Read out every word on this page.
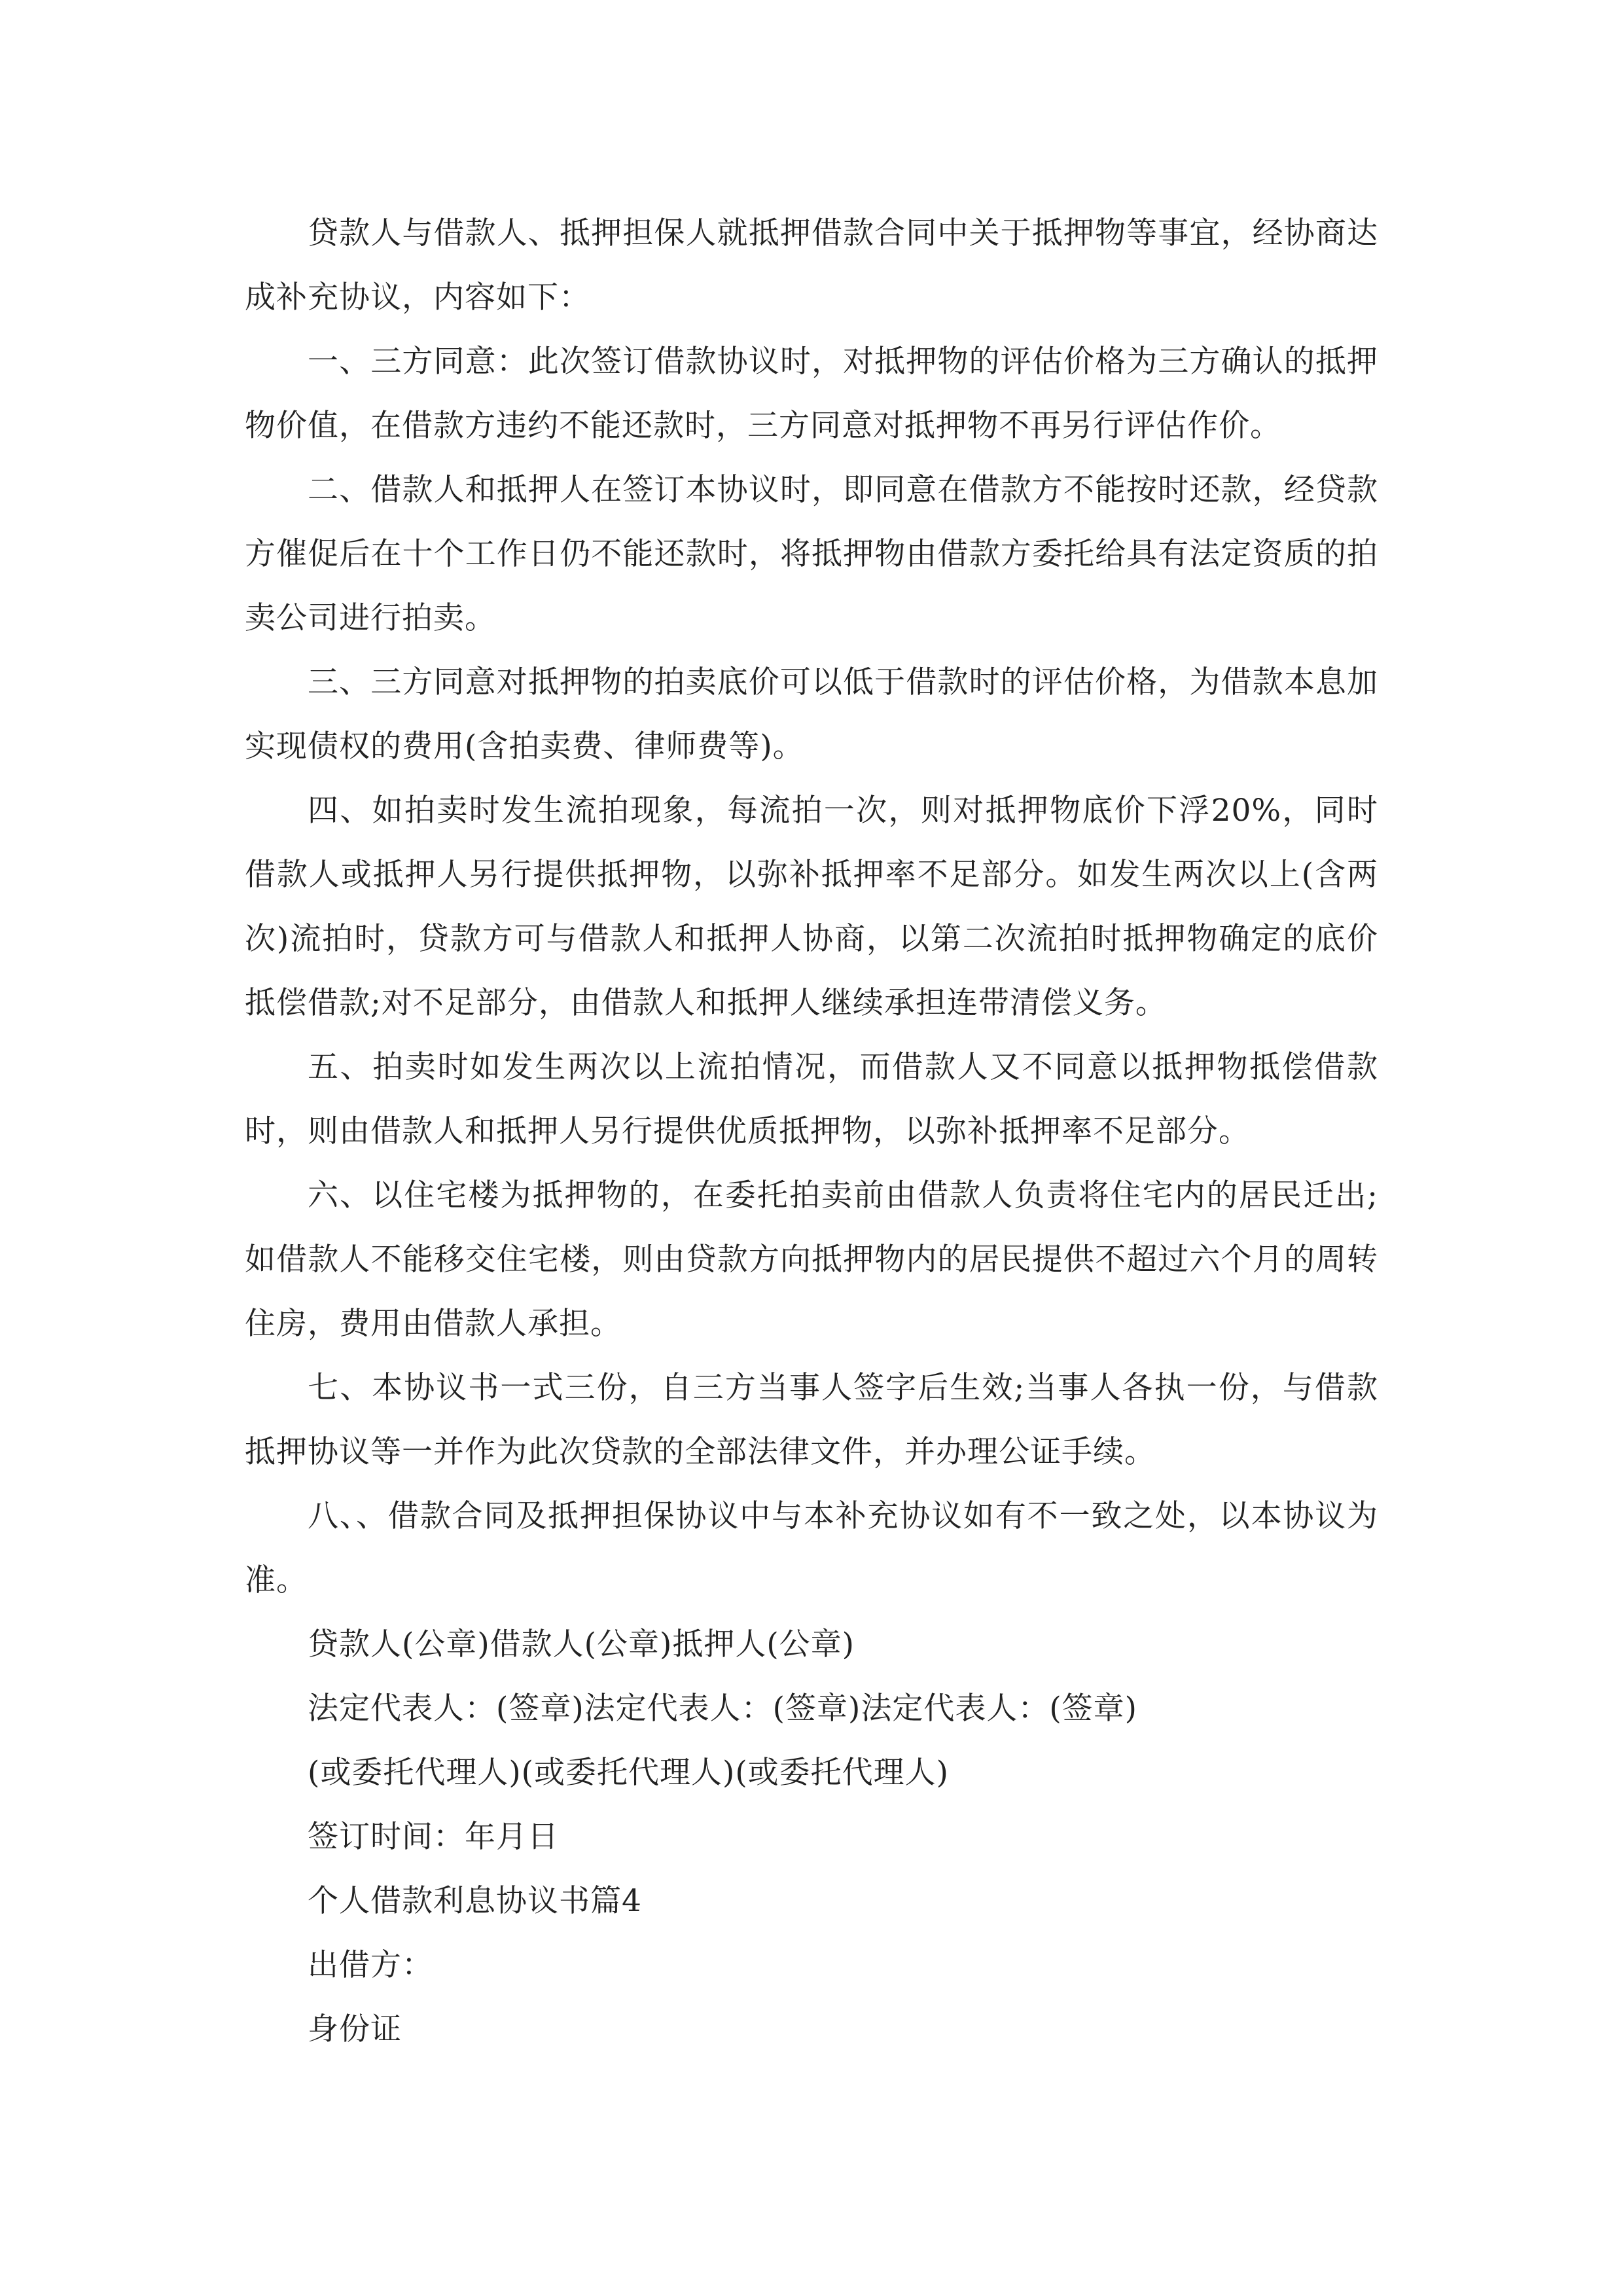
贷款人与借款人、抵押担保人就抵押借款合同中关于抵押物等事宜，经协商达成补充协议，内容如下：

一、三方同意：此次签订借款协议时，对抵押物的评估价格为三方确认的抵押物价值，在借款方违约不能还款时，三方同意对抵押物不再另行评估作价。

二、借款人和抵押人在签订本协议时，即同意在借款方不能按时还款，经贷款方催促后在十个工作日仍不能还款时，将抵押物由借款方委托给具有法定资质的拍卖公司进行拍卖。

三、三方同意对抵押物的拍卖底价可以低于借款时的评估价格，为借款本息加实现债权的费用(含拍卖费、律师费等)。

四、如拍卖时发生流拍现象，每流拍一次，则对抵押物底价下浮20%，同时借款人或抵押人另行提供抵押物，以弥补抵押率不足部分。如发生两次以上(含两次)流拍时，贷款方可与借款人和抵押人协商，以第二次流拍时抵押物确定的底价抵偿借款;对不足部分，由借款人和抵押人继续承担连带清偿义务。

五、拍卖时如发生两次以上流拍情况，而借款人又不同意以抵押物抵偿借款时，则由借款人和抵押人另行提供优质抵押物，以弥补抵押率不足部分。

六、以住宅楼为抵押物的，在委托拍卖前由借款人负责将住宅内的居民迁出;如借款人不能移交住宅楼，则由贷款方向抵押物内的居民提供不超过六个月的周转住房，费用由借款人承担。

七、本协议书一式三份，自三方当事人签字后生效;当事人各执一份，与借款抵押协议等一并作为此次贷款的全部法律文件，并办理公证手续。

八、、借款合同及抵押担保协议中与本补充协议如有不一致之处，以本协议为准。

贷款人(公章)借款人(公章)抵押人(公章)

法定代表人：(签章)法定代表人：(签章)法定代表人：(签章)

(或委托代理人)(或委托代理人)(或委托代理人)

签订时间：年月日

个人借款利息协议书篇4

出借方：

身份证
